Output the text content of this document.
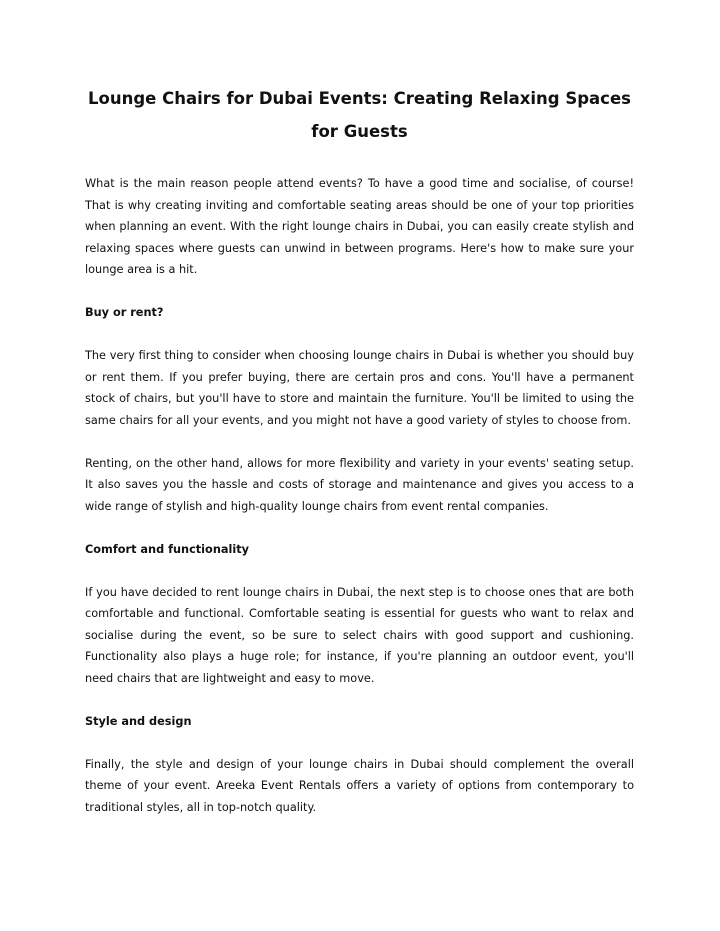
Lounge Chairs for Dubai Events: Creating Relaxing Spaces for Guests

What is the main reason people attend events? To have a good time and socialise, of course! That is why creating inviting and comfortable seating areas should be one of your top priorities when planning an event. With the right lounge chairs in Dubai, you can easily create stylish and relaxing spaces where guests can unwind in between programs. Here's how to make sure your lounge area is a hit.

Buy or rent?

The very first thing to consider when choosing lounge chairs in Dubai is whether you should buy or rent them. If you prefer buying, there are certain pros and cons. You'll have a permanent stock of chairs, but you'll have to store and maintain the furniture. You'll be limited to using the same chairs for all your events, and you might not have a good variety of styles to choose from.

Renting, on the other hand, allows for more flexibility and variety in your events' seating setup. It also saves you the hassle and costs of storage and maintenance and gives you access to a wide range of stylish and high-quality lounge chairs from event rental companies.

Comfort and functionality

If you have decided to rent lounge chairs in Dubai, the next step is to choose ones that are both comfortable and functional. Comfortable seating is essential for guests who want to relax and socialise during the event, so be sure to select chairs with good support and cushioning. Functionality also plays a huge role; for instance, if you're planning an outdoor event, you'll need chairs that are lightweight and easy to move.

Style and design

Finally, the style and design of your lounge chairs in Dubai should complement the overall theme of your event. Areeka Event Rentals offers a variety of options from contemporary to traditional styles, all in top-notch quality.
